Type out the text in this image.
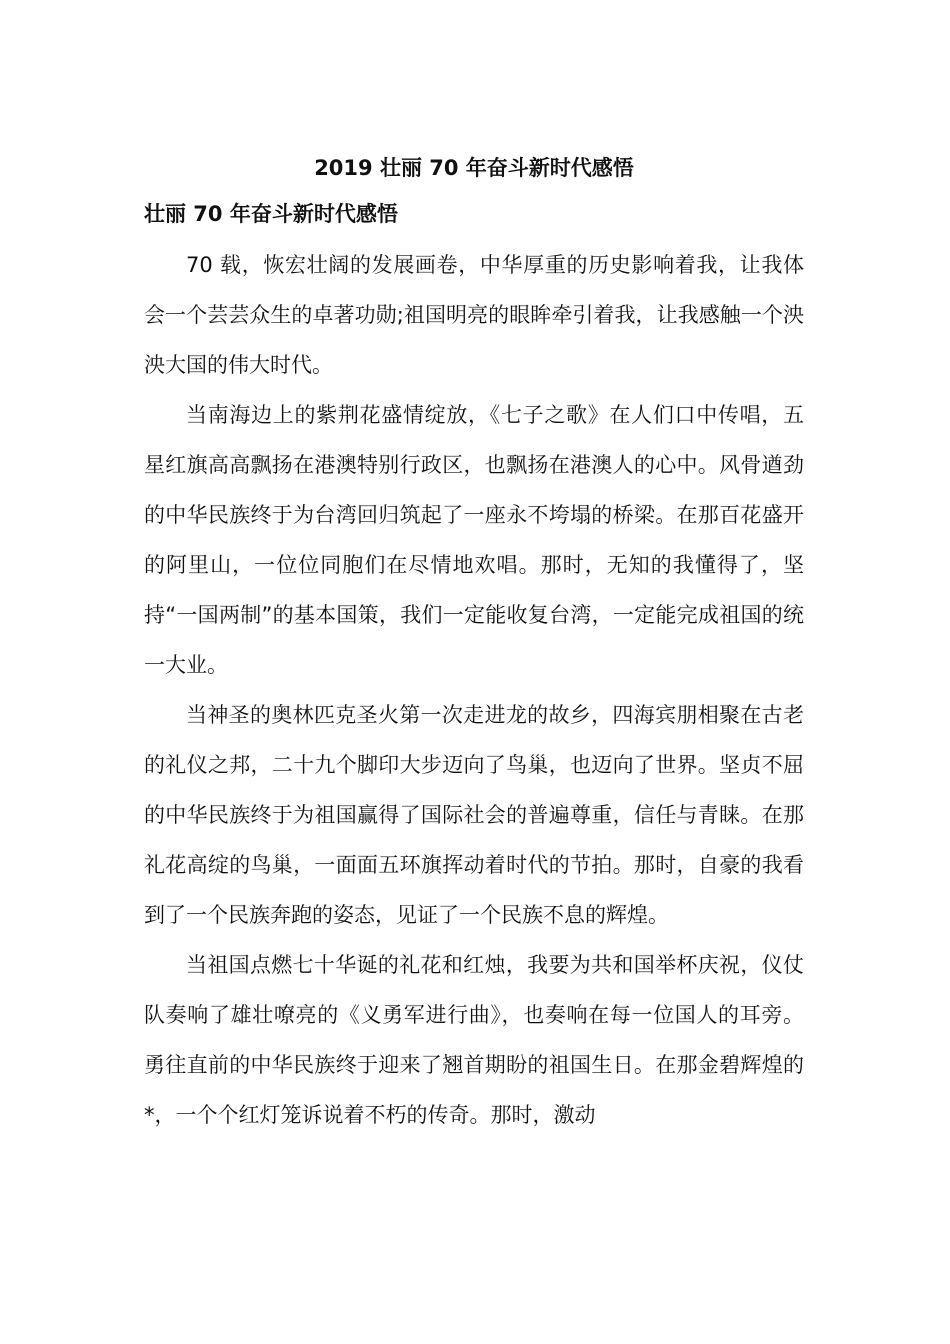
2019 壮丽 70 年奋斗新时代感悟
壮丽 70 年奋斗新时代感悟

70 载，恢宏壮阔的发展画卷，中华厚重的历史影响着我，让我体会一个芸芸众生的卓著功勋;祖国明亮的眼眸牵引着我，让我感触一个泱泱大国的伟大时代。

当南海边上的紫荆花盛情绽放，《七子之歌》在人们口中传唱，五星红旗高高飘扬在港澳特别行政区，也飘扬在港澳人的心中。风骨遒劲的中华民族终于为台湾回归筑起了一座永不垮塌的桥梁。在那百花盛开的阿里山，一位位同胞们在尽情地欢唱。那时，无知的我懂得了，坚持“一国两制”的基本国策，我们一定能收复台湾，一定能完成祖国的统一大业。

当神圣的奥林匹克圣火第一次走进龙的故乡，四海宾朋相聚在古老的礼仪之邦，二十九个脚印大步迈向了鸟巢，也迈向了世界。坚贞不屈的中华民族终于为祖国赢得了国际社会的普遍尊重，信任与青睐。在那礼花高绽的鸟巢，一面面五环旗挥动着时代的节拍。那时，自豪的我看到了一个民族奔跑的姿态，见证了一个民族不息的辉煌。

当祖国点燃七十华诞的礼花和红烛，我要为共和国举杯庆祝，仪仗队奏响了雄壮嘹亮的《义勇军进行曲》，也奏响在每一位国人的耳旁。勇往直前的中华民族终于迎来了翘首期盼的祖国生日。在那金碧辉煌的*，一个个红灯笼诉说着不朽的传奇。那时，激动
